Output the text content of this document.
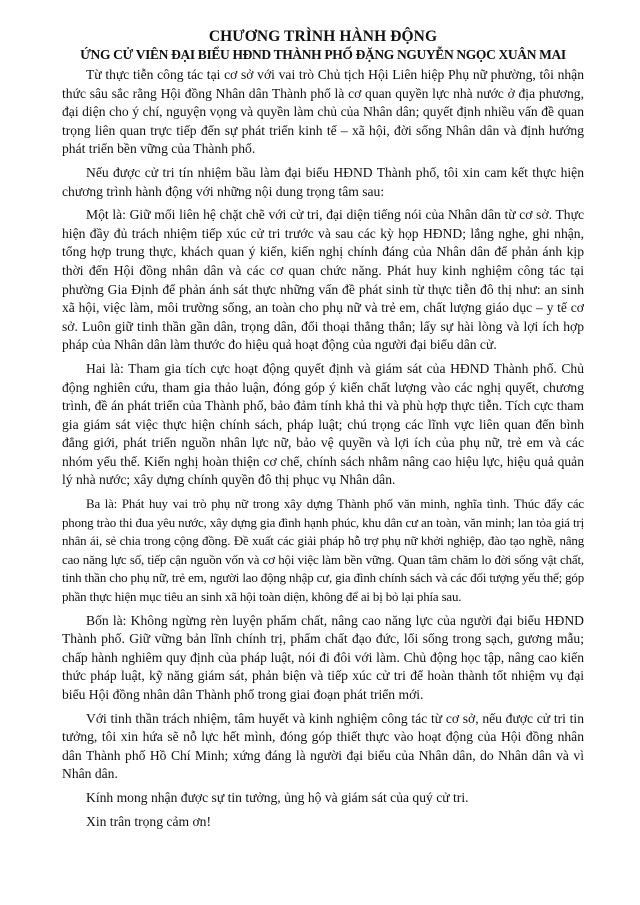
CHƯƠNG TRÌNH HÀNH ĐỘNG
ỨNG CỬ VIÊN ĐẠI BIỂU HĐND THÀNH PHỐ ĐẶNG NGUYỄN NGỌC XUÂN MAI

Từ thực tiễn công tác tại cơ sở với vai trò Chủ tịch Hội Liên hiệp Phụ nữ phường, tôi nhận thức sâu sắc rằng Hội đồng Nhân dân Thành phố là cơ quan quyền lực nhà nước ở địa phương, đại diện cho ý chí, nguyện vọng và quyền làm chủ của Nhân dân; quyết định nhiều vấn đề quan trọng liên quan trực tiếp đến sự phát triển kinh tế – xã hội, đời sống Nhân dân và định hướng phát triển bền vững của Thành phố.

Nếu được cử tri tín nhiệm bầu làm đại biểu HĐND Thành phố, tôi xin cam kết thực hiện chương trình hành động với những nội dung trọng tâm sau:

Một là: Giữ mối liên hệ chặt chẽ với cử tri, đại diện tiếng nói của Nhân dân từ cơ sở. Thực hiện đầy đủ trách nhiệm tiếp xúc cử tri trước và sau các kỳ họp HĐND; lắng nghe, ghi nhận, tổng hợp trung thực, khách quan ý kiến, kiến nghị chính đáng của Nhân dân để phản ánh kịp thời đến Hội đồng nhân dân và các cơ quan chức năng. Phát huy kinh nghiệm công tác tại phường Gia Định để phản ánh sát thực những vấn đề phát sinh từ thực tiễn đô thị như: an sinh xã hội, việc làm, môi trường sống, an toàn cho phụ nữ và trẻ em, chất lượng giáo dục – y tế cơ sở. Luôn giữ tinh thần gần dân, trọng dân, đối thoại thẳng thắn; lấy sự hài lòng và lợi ích hợp pháp của Nhân dân làm thước đo hiệu quả hoạt động của người đại biểu dân cử.

Hai là: Tham gia tích cực hoạt động quyết định và giám sát của HĐND Thành phố. Chủ động nghiên cứu, tham gia thảo luận, đóng góp ý kiến chất lượng vào các nghị quyết, chương trình, đề án phát triển của Thành phố, bảo đảm tính khả thi và phù hợp thực tiễn. Tích cực tham gia giám sát việc thực hiện chính sách, pháp luật; chú trọng các lĩnh vực liên quan đến bình đẳng giới, phát triển nguồn nhân lực nữ, bảo vệ quyền và lợi ích của phụ nữ, trẻ em và các nhóm yếu thế. Kiến nghị hoàn thiện cơ chế, chính sách nhằm nâng cao hiệu lực, hiệu quả quản lý nhà nước; xây dựng chính quyền đô thị phục vụ Nhân dân.

Ba là: Phát huy vai trò phụ nữ trong xây dựng Thành phố văn minh, nghĩa tình. Thúc đẩy các phong trào thi đua yêu nước, xây dựng gia đình hạnh phúc, khu dân cư an toàn, văn minh; lan tỏa giá trị nhân ái, sẻ chia trong cộng đồng. Đề xuất các giải pháp hỗ trợ phụ nữ khởi nghiệp, đào tạo nghề, nâng cao năng lực số, tiếp cận nguồn vốn và cơ hội việc làm bền vững. Quan tâm chăm lo đời sống vật chất, tinh thần cho phụ nữ, trẻ em, người lao động nhập cư, gia đình chính sách và các đối tượng yếu thế; góp phần thực hiện mục tiêu an sinh xã hội toàn diện, không để ai bị bỏ lại phía sau.

Bốn là: Không ngừng rèn luyện phẩm chất, nâng cao năng lực của người đại biểu HĐND Thành phố. Giữ vững bản lĩnh chính trị, phẩm chất đạo đức, lối sống trong sạch, gương mẫu; chấp hành nghiêm quy định của pháp luật, nói đi đôi với làm. Chủ động học tập, nâng cao kiến thức pháp luật, kỹ năng giám sát, phản biện và tiếp xúc cử tri để hoàn thành tốt nhiệm vụ đại biểu Hội đồng nhân dân Thành phố trong giai đoạn phát triển mới.

Với tinh thần trách nhiệm, tâm huyết và kinh nghiệm công tác từ cơ sở, nếu được cử tri tin tưởng, tôi xin hứa sẽ nỗ lực hết mình, đóng góp thiết thực vào hoạt động của Hội đồng nhân dân Thành phố Hồ Chí Minh; xứng đáng là người đại biểu của Nhân dân, do Nhân dân và vì Nhân dân.

Kính mong nhận được sự tin tưởng, ủng hộ và giám sát của quý cử tri.

Xin trân trọng cảm ơn!
